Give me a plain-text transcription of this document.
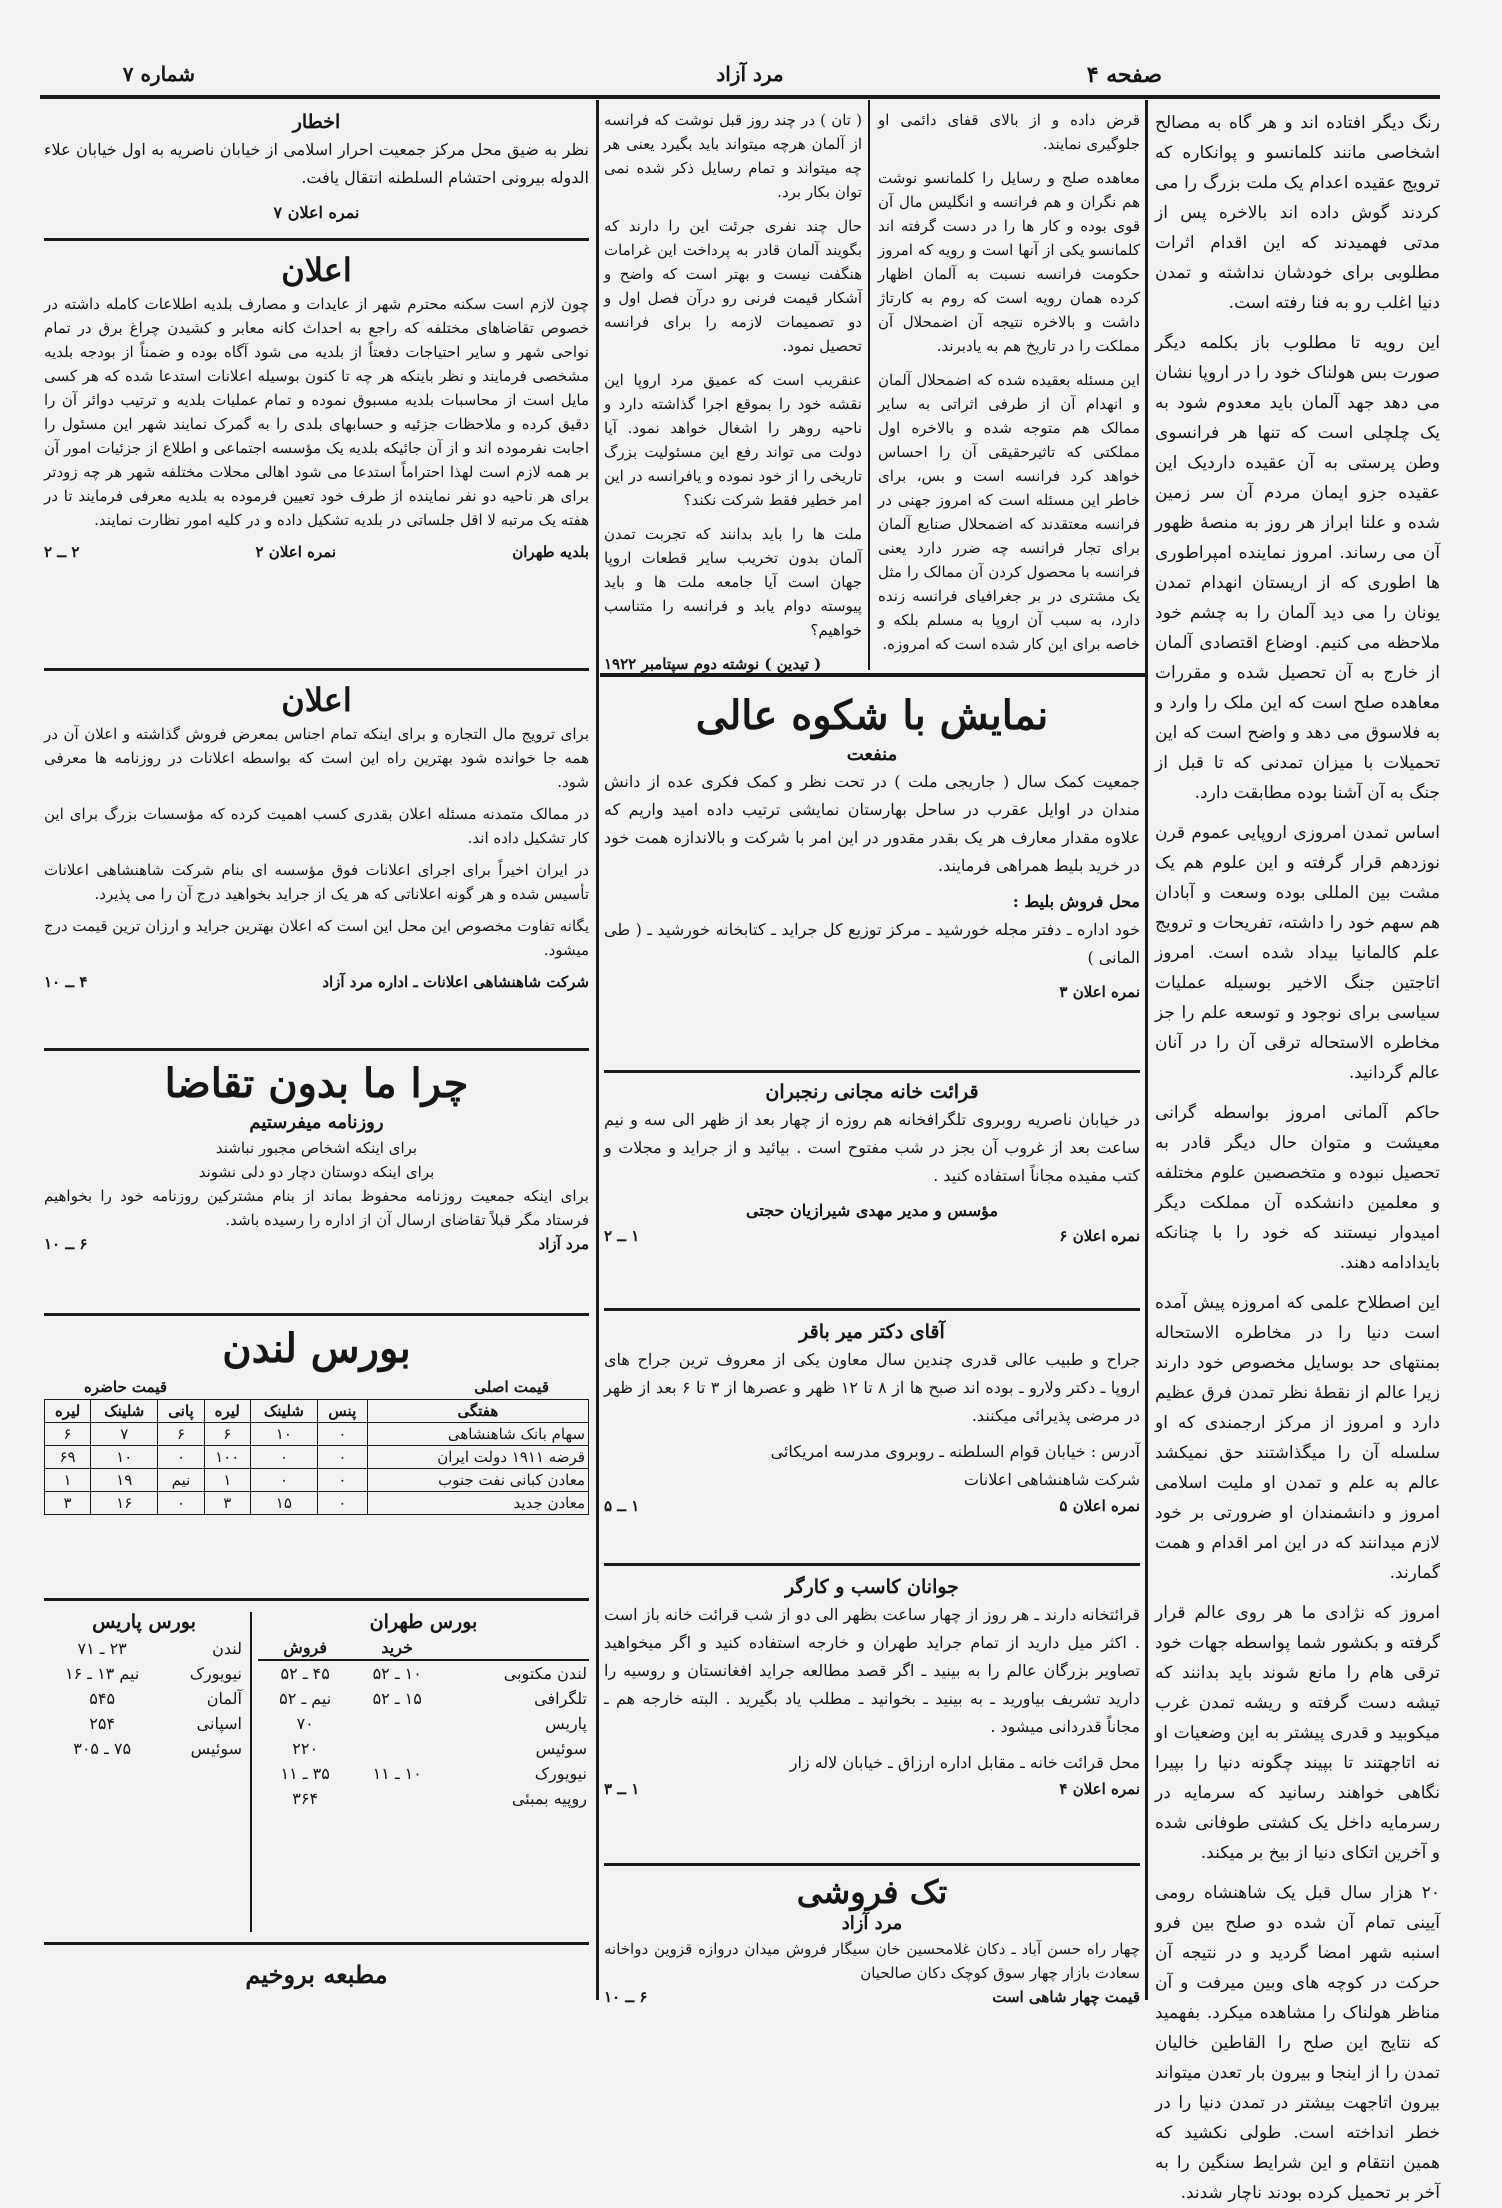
صفحه ۴
مرد آزاد
شماره ۷

رنگ دیگر افتاده اند و هر گاه به مصالح اشخاصی مانند کلمانسو و پوانکاره که ترویج عقیده اعدام یک ملت بزرگ را می کردند گوش داده اند بالاخره پس از مدتی فهمیدند که این اقدام اثرات مطلوبی برای خودشان نداشته و تمدن دنیا اغلب رو به فنا رفته است.

این رویه تا مطلوب باز بکلمه دیگر صورت بس هولناک خود را در اروپا نشان می دهد جهد آلمان باید معدوم شود به یک چلچلی است که تنها هر فرانسوی وطن پرستی به آن عقیده داردیک این عقیده جزو ایمان مردم آن سر زمین شده و علنا ابراز هر روز به منصهٔ ظهور آن می رساند. امروز نماینده امپراطوری ها اطوری که از اریستان انهدام تمدن یونان را می دید آلمان را به چشم خود ملاحظه می کنیم. اوضاع اقتصادی آلمان از خارج به آن تحصیل شده و مقررات معاهده صلح است که این ملک را وارد و به فلاسوق می دهد و واضح است که این تحمیلات با میزان تمدنی که تا قبل از جنگ به آن آشنا بوده مطابقت دارد.

اساس تمدن امروزی اروپایی عموم قرن نوزدهم قرار گرفته و این علوم هم یک مشت بین المللی بوده وسعت و آبادان هم سهم خود را داشته، تفریحات و ترویج علم کالمانیا بیداد شده است. امروز اتاجتین جنگ الاخیر بوسیله عملیات سیاسی برای نوجود و توسعه علم را جز مخاطره الاستحاله ترقی آن را در آنان عالم گردانید.

حاکم آلمانی امروز بواسطه گرانی معیشت و متوان حال دیگر قادر به تحصیل نبوده و متخصصین علوم مختلفه و معلمین دانشکده آن مملکت دیگر امیدوار نیستند که خود را با چنانکه بایدادامه دهند.

این اصطلاح علمی که امروزه پیش آمده است دنیا را در مخاطره الاستحاله بمنتهای حد بوسایل مخصوص خود دارند زیرا عالم از نقطهٔ نظر تمدن فرق عظیم دارد و امروز از مرکز ارجمندی که او سلسله آن را میگذاشتند حق نمیکشد عالم به علم و تمدن او ملیت اسلامی امروز و دانشمندان او ضرورتی بر خود لازم میدانند که در این امر اقدام و همت گمارند.

امروز که نژادی ما هر روی عالم قرار گرفته و بکشور شما پواسطه جهات خود ترقی هام را مانع شوند باید بدانند که تیشه دست گرفته و ریشه تمدن غرب میکوبید و قدری پیشتر به این وضعیات او نه اتاجهتند تا بپیند چگونه دنیا را بپیرا نگاهی خواهند رسانید که سرمایه در رسرمایه داخل یک کشتی طوفانی شده و آخرین اتکای دنیا از بیخ بر میکند.

۲۰ هزار سال قبل یک شاهنشاه رومی آیینی تمام آن شده دو صلح بین فرو اسنبه شهر امضا گردید و در نتیجه آن حرکت در کوچه های وبین میرفت و آن مناظر هولناک را مشاهده میکرد. بفهمید که نتایج این صلح را القاطین خالیان تمدن را از اینجا و بیرون بار تعدن میتواند بیرون اتاجهت بیشتر در تمدن دنیا را در خطر انداخته است. طولی نکشید که همین انتقام و این شرایط سنگین را به آخر بر تحمیل کرده بودند ناچار شدند.

قرض داده و از بالای قفای دائمی او جلوگیری نمایند.

معاهده صلح و رسایل را کلمانسو نوشت هم نگران و هم فرانسه و انگلیس مال آن قوی بوده و کار ها را در دست گرفته اند کلمانسو یکی از آنها است و رویه که امروز حکومت فرانسه نسبت به آلمان اظهار کرده همان رویه است که روم به کارتاژ داشت و بالاخره نتیجه آن اضمحلال آن مملکت را در تاریخ هم به یادبرند.

این مسئله بعقیده شده که اضمحلال آلمان و انهدام آن از طرفی اثراتی به سایر ممالک هم متوجه شده و بالاخره اول مملکتی که تاثیرحقیقی آن را احساس خواهد کرد فرانسه است و بس، برای خاطر این مسئله است که امروز جهنی در فرانسه معتقدند که اضمحلال صنایع آلمان برای تجار فرانسه چه ضرر دارد یعنی فرانسه با محصول کردن آن ممالک را مثل یک مشتری در بر جغرافیای فرانسه زنده دارد، به سبب آن اروپا به مسلم بلکه و خاصه برای این کار شده است که امروزه.

( تان ) در چند روز قبل نوشت که فرانسه از آلمان هرچه میتواند باید بگیرد یعنی هر چه میتواند و تمام رسایل ذکر شده نمی توان بکار برد.

حال چند نفری جرئت این را دارند که بگویند آلمان قادر به پرداخت این غرامات هنگفت نیست و بهتر است که واضح و آشکار قیمت فرنی رو درآن فصل اول و دو تصمیمات لازمه را برای فرانسه تحصیل نمود.

عنقریب است که عمیق مرد اروپا این نقشه خود را بموقع اجرا گذاشته دارد و ناحیه روهر را اشغال خواهد نمود. آیا دولت می تواند رفع این مسئولیت بزرگ تاریخی را از خود نموده و یافرانسه در این امر خطیر فقط شرکت نکند؟

ملت ها را باید بدانند که تجربت تمدن آلمان بدون تخریب سایر قطعات اروپا جهان است آیا جامعه ملت ها و باید پیوسته دوام یابد و فرانسه را متناسب خواهیم؟

( تیدین ) نوشته دوم سپتامبر ۱۹۲۲

نمایش با شکوه عالی
منفعت

جمعیت کمک سال ( جاریجی ملت ) در تحت نظر و کمک فکری عده از دانش مندان در اوایل عقرب در ساحل بهارستان نمایشی ترتیب داده امید واریم که علاوه مقدار معارف هر یک بقدر مقدور در این امر با شرکت و بالاندازه همت خود در خرید بلیط همراهی فرمایند.

محل فروش بلیط :

خود اداره ـ دفتر مجله خورشید ـ مرکز توزیع کل جراید ـ کتابخانه خورشید ـ ( طی المانی )

نمره اعلان ۳
قرائت خانه مجانی رنجبران

در خیابان ناصریه روبروی تلگرافخانه هم روزه از چهار بعد از ظهر الی سه و نیم ساعت بعد از غروب آن بجز در شب مفتوح است . بیائید و از جراید و مجلات و کتب مفیده مجاناً استفاده کنید .

مؤسس و مدیر مهدی شیرازیان حجتی
نمره اعلان ۶
۱ ــ ۲
آقای دکتر میر باقر

جراح و طبیب عالی قدری چندین سال معاون یکی از معروف ترین جراح های اروپا ـ دکتر ولارو ـ بوده اند صبح ها از ۸ تا ۱۲ ظهر و عصرها از ۳ تا ۶ بعد از ظهر در مرضی پذیرائی میکنند.

آدرس : خیابان قوام السلطنه ـ روبروی مدرسه امریکائی

شرکت شاهنشاهی اعلانات

نمره اعلان ۵
۱ ــ ۵
جوانان کاسب و کارگر

قرائتخانه دارند ـ هر روز از چهار ساعت بظهر الی دو از شب قرائت خانه باز است . اکثر میل دارید از تمام جراید طهران و خارجه استفاده کنید و اگر میخواهید تصاویر بزرگان عالم را به بینید ـ اگر قصد مطالعه جراید افغانستان و روسیه را دارید تشریف بیاورید ـ به بینید ـ بخوانید ـ مطلب یاد بگیرید . البته خارجه هم ـ مجاناً قدردانی میشود .

محل قرائت خانه ـ مقابل اداره ارزاق ـ خیابان لاله زار

نمره اعلان ۴
۱ ــ ۳
تک فروشی
مرد آزاد

چهار راه حسن آباد ـ دکان غلامحسین خان سیگار فروش میدان دروازه قزوین دواخانه سعادت بازار چهار سوق کوچک دکان صالحیان

قیمت چهار شاهی است
۶ ــ ۱۰
اخطار

نظر به ضیق محل مرکز جمعیت احرار اسلامی از خیابان ناصریه به اول خیابان علاء الدوله بیرونی احتشام السلطنه انتقال یافت.

نمره اعلان ۷
اعلان

چون لازم است سکنه محترم شهر از عایدات و مصارف بلدیه اطلاعات کامله داشته در خصوص تقاضاهای مختلفه که راجع به احداث کانه معابر و کشیدن چراغ برق در تمام نواحی شهر و سایر احتیاجات دفعتاً از بلدیه می شود آگاه بوده و ضمناً از بودجه بلدیه مشخصی فرمایند و نظر باینکه هر چه تا کنون بوسیله اعلانات استدعا شده که هر کسی مایل است از محاسبات بلدیه مسبوق نموده و تمام عملیات بلدیه و ترتیب دوائر آن را دقیق کرده و ملاحظات جزئیه و حسابهای بلدی را به گمرک نمایند شهر این مسئول را اجابت نفرموده اند و از آن جائیکه بلدیه یک مؤسسه اجتماعی و اطلاع از جزئیات امور آن بر همه لازم است لهذا احتراماً استدعا می شود اهالی محلات مختلفه شهر هر چه زودتر برای هر ناحیه دو نفر نماینده از طرف خود تعیین فرموده به بلدیه معرفی فرمایند تا در هفته یک مرتبه لا اقل جلساتی در بلدیه تشکیل داده و در کلیه امور نظارت نمایند.

بلدیه طهران
نمره اعلان ۲
۲ ــ ۲
اعلان

برای ترویج مال التجاره و برای اینکه تمام اجناس بمعرض فروش گذاشته و اعلان آن در همه جا خوانده شود بهترین راه این است که بواسطه اعلانات در روزنامه ها معرفی شود.

در ممالک متمدنه مسئله اعلان بقدری کسب اهمیت کرده که مؤسسات بزرگ برای این کار تشکیل داده اند.

در ایران اخیراً برای اجرای اعلانات فوق مؤسسه ای بنام شرکت شاهنشاهی اعلانات تأسیس شده و هر گونه اعلاناتی که هر یک از جراید بخواهید درج آن را می پذیرد.

یگانه تفاوت مخصوص این محل این است که اعلان بهترین جراید و ارزان ترین قیمت درج میشود.

شرکت شاهنشاهی اعلانات ـ اداره مرد آزاد
۴ ــ ۱۰
چرا ما بدون تقاضا
روزنامه میفرستیم

برای اینکه اشخاص مجبور نباشند

برای اینکه دوستان دچار دو دلی نشوند

برای اینکه جمعیت روزنامه محفوظ بماند از بنام مشترکین روزنامه خود را بخواهیم فرستاد مگر قبلاً تقاضای ارسال آن از اداره را رسیده باشد.

مرد آزاد
۶ ــ ۱۰
بورس لندن
قیمت اصلی
قیمت حاضره
هفتگی	پنس	شلینک	لیره	پانی	شلینک	لیره
سهام بانک شاهنشاهی	۰	۱۰	۶	۶	۷	۶
قرضه ۱۹۱۱ دولت ایران	۰	۰	۱۰۰	۰	۱۰	۶۹
معادن کبانی نفت جنوب	۰	۰	۱	نیم	۱۹	۱
معادن جدید	۰	۱۵	۳	۰	۱۶	۳
بورس طهران
	خرید	فروش
لندن مکتوبی	۱۰ ـ ۵۲	۴۵ ـ ۵۲
تلگرافی	۱۵ ـ ۵۲	نیم ـ ۵۲
پاریس		۷۰
سوئیس		۲۲۰
نیویورک	۱۰ ـ ۱۱	۳۵ ـ ۱۱
روپیه بمبئی		۳۶۴
بورس پاریس
لندن	۲۳ ـ ۷۱
نیویورک	نیم ۱۳ ـ ۱۶
آلمان	۵۴۵
اسپانی	۲۵۴
سوئیس	۷۵ ـ ۳۰۵
مطبعه بروخیم
